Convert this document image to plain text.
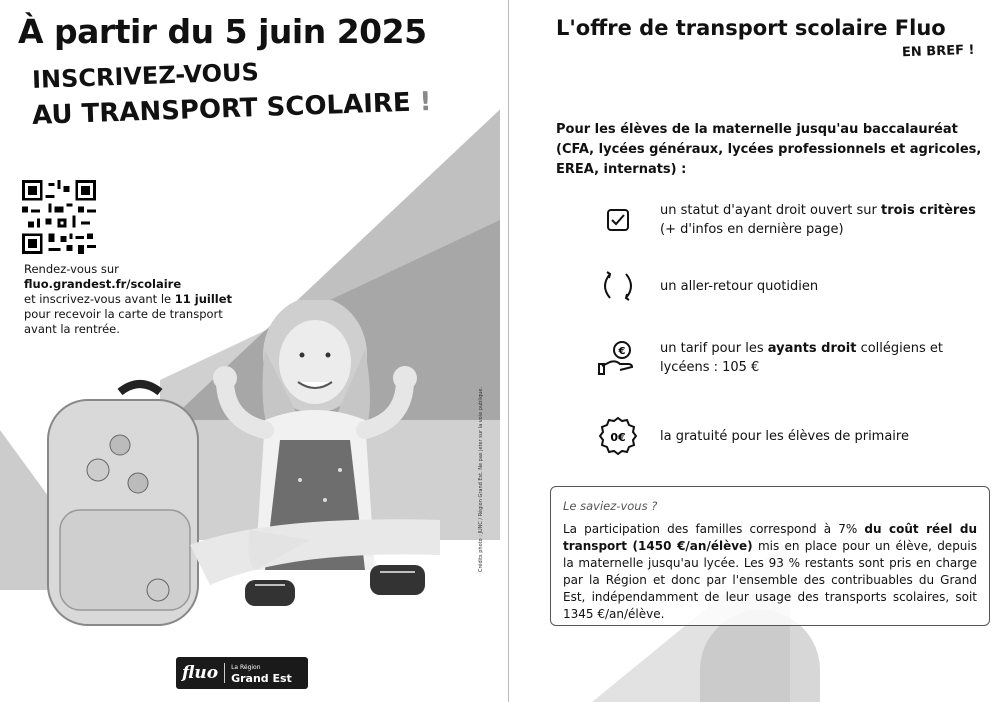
À partir du 5 juin 2025
INSCRIVEZ-VOUS
AU TRANSPORT SCOLAIRE !
Rendez-vous sur
fluo.grandest.fr/scolaire
et inscrivez-vous avant le 11 juillet
pour recevoir la carte de transport
avant la rentrée.
fluo La Région
Grand Est
Crédits photo : JUNC / Région Grand Est. Ne pas jeter sur la voie publique.
L'offre de transport scolaire Fluo
EN BREF !
Pour les élèves de la maternelle jusqu'au baccalauréat (CFA, lycées généraux, lycées professionnels et agricoles, EREA, internats) :
un statut d'ayant droit ouvert sur trois critères (+ d'infos en dernière page)
un aller-retour quotidien
€	un tarif pour les ayants droit collégiens et lycéens : 105 €
0€	la gratuité pour les élèves de primaire
Le saviez-vous ?
La participation des familles correspond à 7% du coût réel du transport (1450 €/an/élève) mis en place pour un élève, depuis la maternelle jusqu'au lycée. Les 93 % restants sont pris en charge par la Région et donc par l'ensemble des contribuables du Grand Est, indépendamment de leur usage des transports scolaires, soit 1345 €/an/élève.
